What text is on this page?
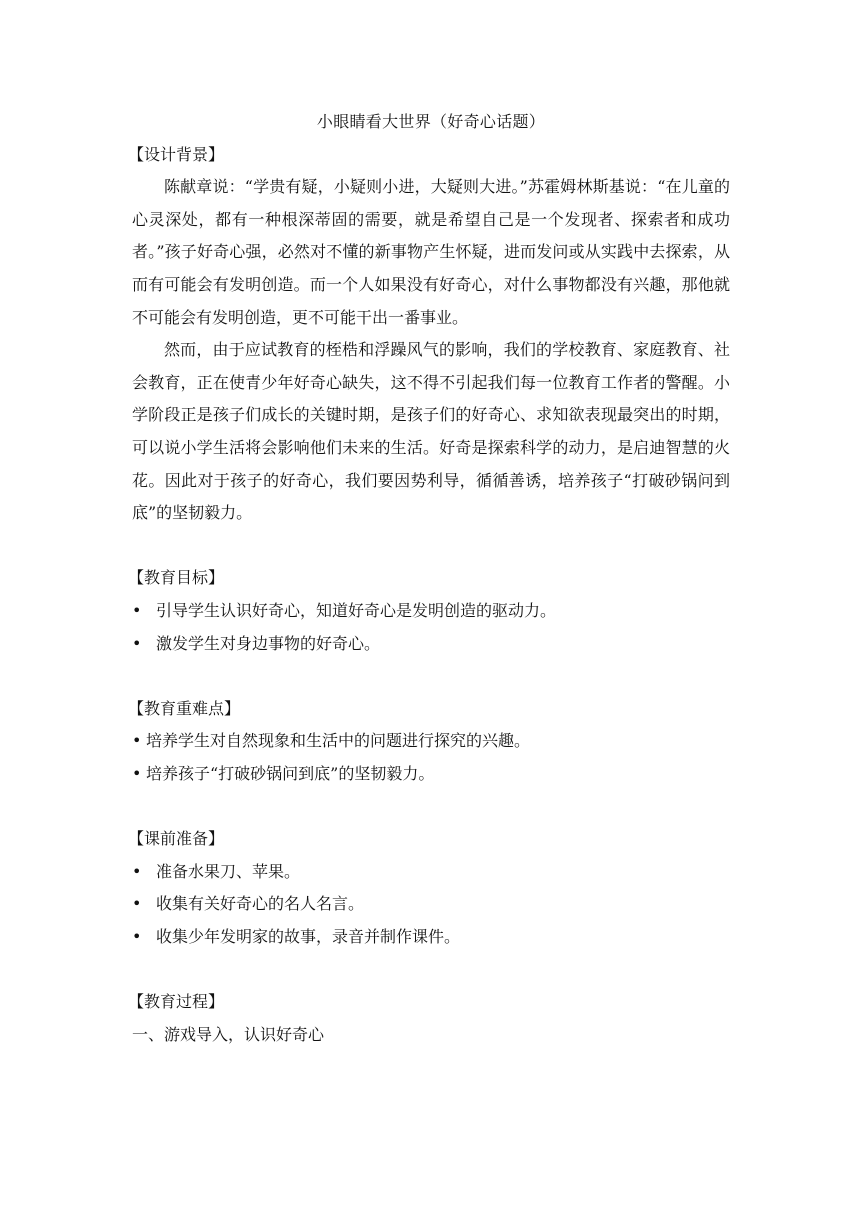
小眼睛看大世界（好奇心话题）

【设计背景】

陈献章说：“学贵有疑，小疑则小进，大疑则大进。”苏霍姆林斯基说：“在儿童的心灵深处，都有一种根深蒂固的需要，就是希望自己是一个发现者、探索者和成功者。”孩子好奇心强，必然对不懂的新事物产生怀疑，进而发问或从实践中去探索，从而有可能会有发明创造。而一个人如果没有好奇心，对什么事物都没有兴趣，那他就不可能会有发明创造，更不可能干出一番事业。

然而，由于应试教育的桎梏和浮躁风气的影响，我们的学校教育、家庭教育、社会教育，正在使青少年好奇心缺失，这不得不引起我们每一位教育工作者的警醒。小学阶段正是孩子们成长的关键时期，是孩子们的好奇心、求知欲表现最突出的时期，可以说小学生活将会影响他们未来的生活。好奇是探索科学的动力，是启迪智慧的火花。因此对于孩子的好奇心，我们要因势利导，循循善诱，培养孩子“打破砂锅问到底”的坚韧毅力。

【教育目标】

• 引导学生认识好奇心，知道好奇心是发明创造的驱动力。

• 激发学生对身边事物的好奇心。

【教育重难点】

• 培养学生对自然现象和生活中的问题进行探究的兴趣。

• 培养孩子“打破砂锅问到底”的坚韧毅力。

【课前准备】

• 准备水果刀、苹果。

• 收集有关好奇心的名人名言。

• 收集少年发明家的故事，录音并制作课件。

【教育过程】

一、游戏导入，认识好奇心
